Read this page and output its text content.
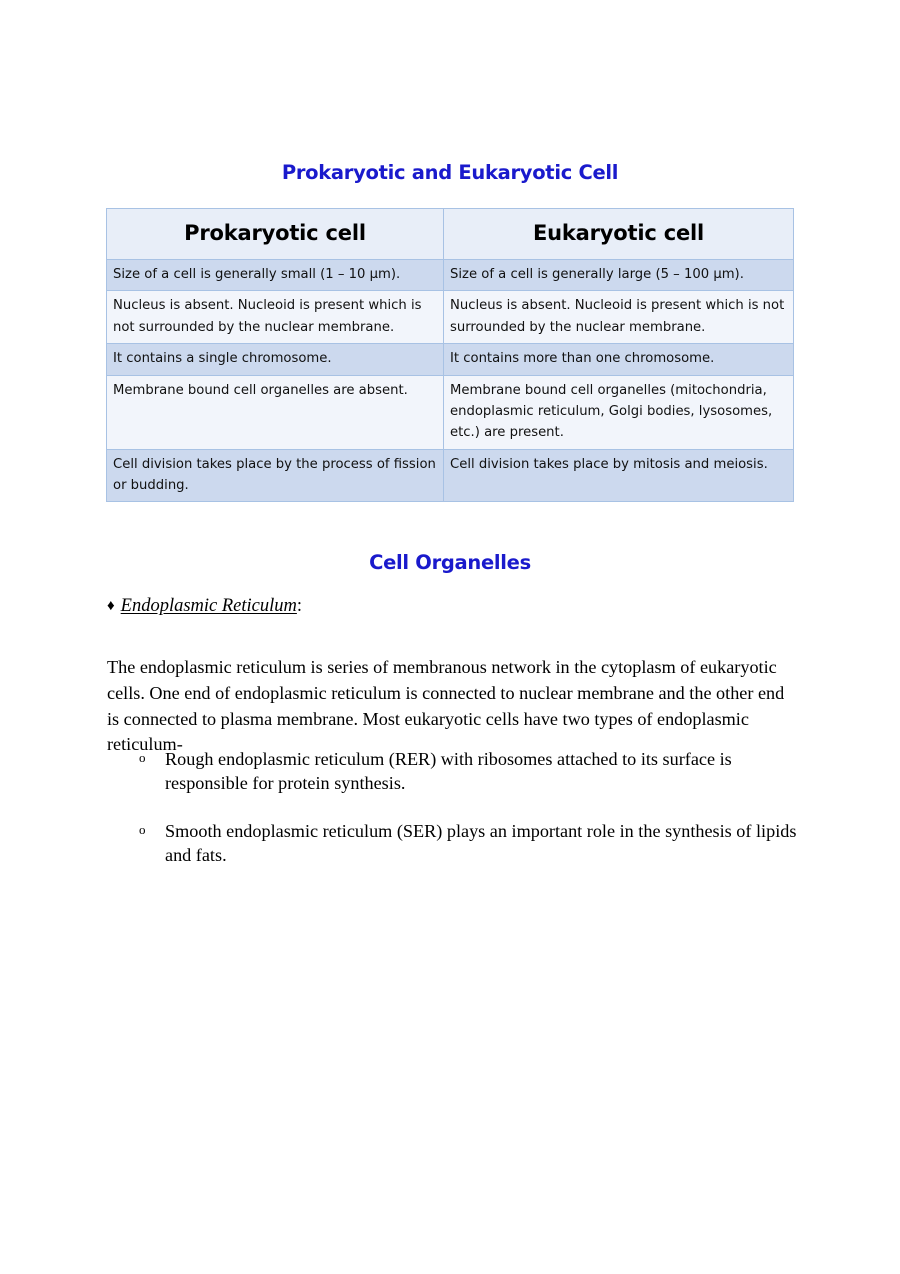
Prokaryotic and Eukaryotic Cell
Prokaryotic cell	Eukaryotic cell
Size of a cell is generally small (1 – 10 µm).	Size of a cell is generally large (5 – 100 µm).
Nucleus is absent. Nucleoid is present which is not surrounded by the nuclear membrane.	Nucleus is absent. Nucleoid is present which is not surrounded by the nuclear membrane.
It contains a single chromosome.	It contains more than one chromosome.
Membrane bound cell organelles are absent.	Membrane bound cell organelles (mitochondria, endoplasmic reticulum, Golgi bodies, lysosomes, etc.) are present.
Cell division takes place by the process of fission or budding.	Cell division takes place by mitosis and meiosis.
Cell Organelles
♦ Endoplasmic Reticulum:

The endoplasmic reticulum is series of membranous network in the cytoplasm of eukaryotic cells. One end of endoplasmic reticulum is connected to nuclear membrane and the other end is connected to plasma membrane. Most eukaryotic cells have two types of endoplasmic reticulum-

o Rough endoplasmic reticulum (RER) with ribosomes attached to its surface is responsible for protein synthesis.
o Smooth endoplasmic reticulum (SER) plays an important role in the synthesis of lipids and fats.
